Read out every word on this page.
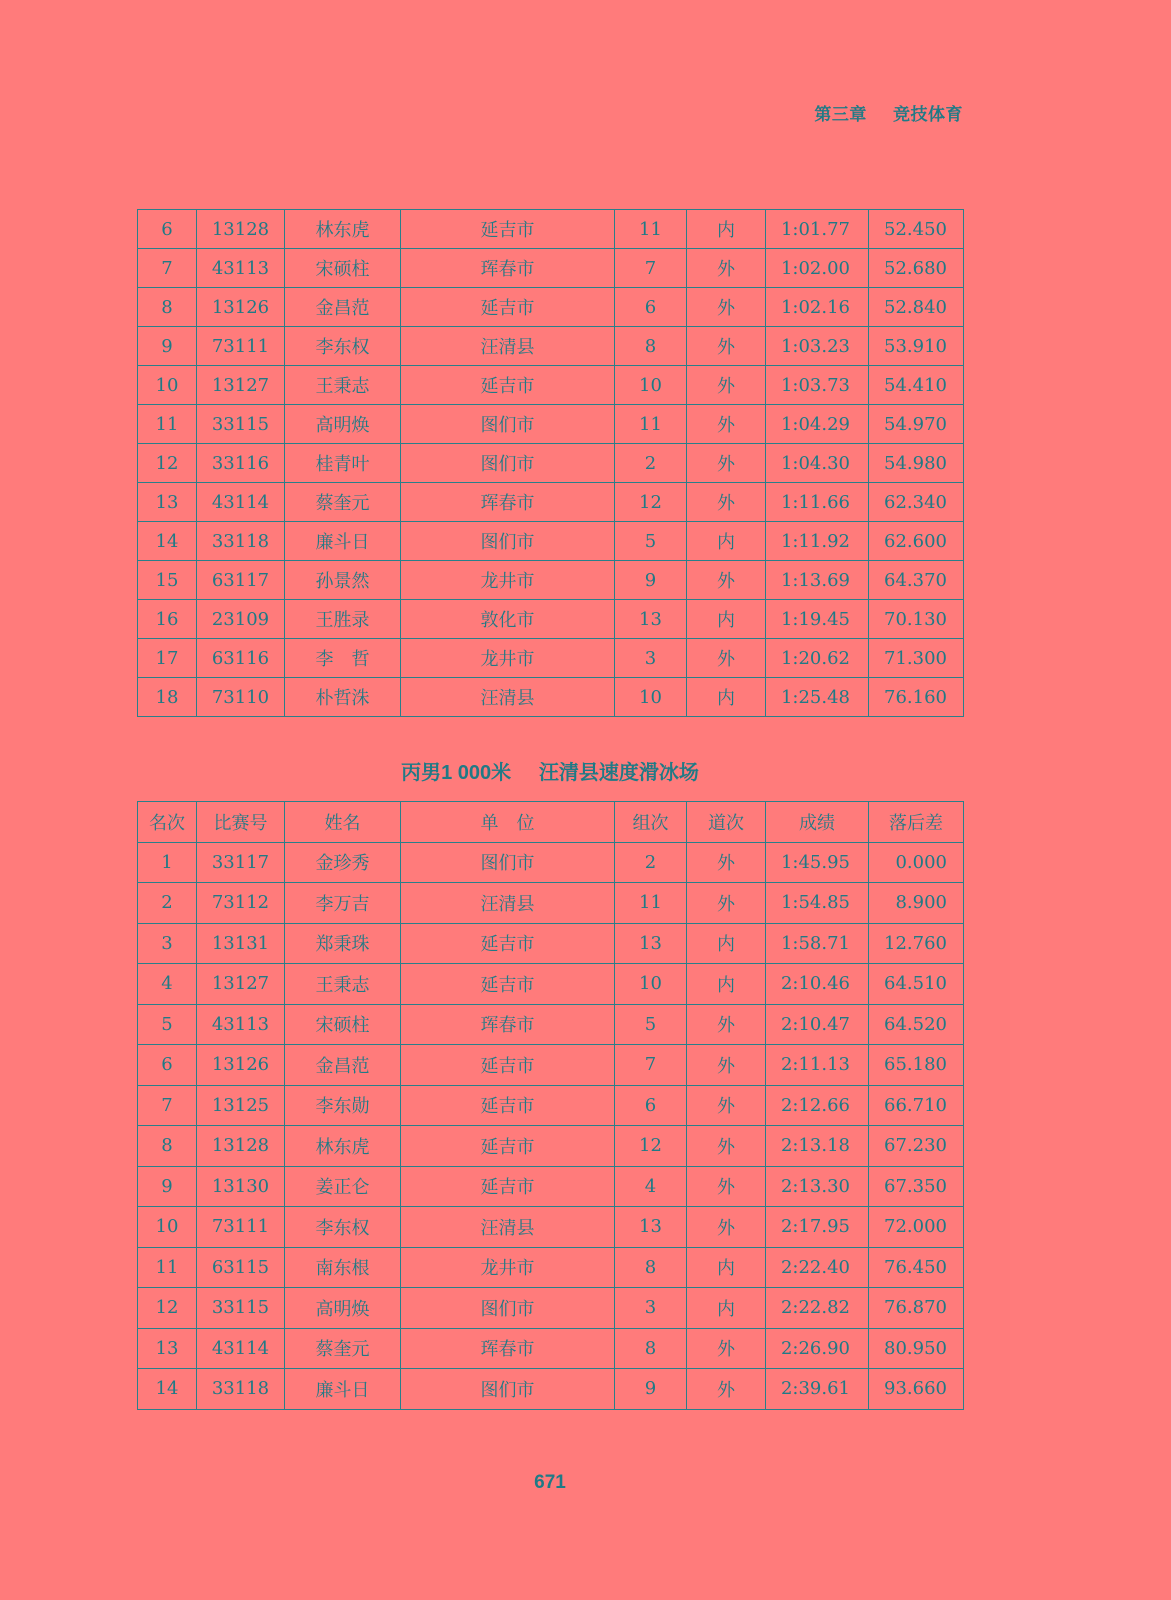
第三章     竞技体育
6	13128	林东虎	延吉市	11	内	1:01.77	52.450
7	43113	宋硕柱	珲春市	7	外	1:02.00	52.680
8	13126	金昌范	延吉市	6	外	1:02.16	52.840
9	73111	李东权	汪清县	8	外	1:03.23	53.910
10	13127	王秉志	延吉市	10	外	1:03.73	54.410
11	33115	高明焕	图们市	11	外	1:04.29	54.970
12	33116	桂青叶	图们市	2	外	1:04.30	54.980
13	43114	蔡奎元	珲春市	12	外	1:11.66	62.340
14	33118	廉斗日	图们市	5	内	1:11.92	62.600
15	63117	孙景然	龙井市	9	外	1:13.69	64.370
16	23109	王胜录	敦化市	13	内	1:19.45	70.130
17	63116	李　哲	龙井市	3	外	1:20.62	71.300
18	73110	朴哲洙	汪清县	10	内	1:25.48	76.160
丙男1 000米     汪清县速度滑冰场
名次	比赛号	姓名	单　位	组次	道次	成绩	落后差
1	33117	金珍秀	图们市	2	外	1:45.95	0.000
2	73112	李万吉	汪清县	11	外	1:54.85	8.900
3	13131	郑秉珠	延吉市	13	内	1:58.71	12.760
4	13127	王秉志	延吉市	10	内	2:10.46	64.510
5	43113	宋硕柱	珲春市	5	外	2:10.47	64.520
6	13126	金昌范	延吉市	7	外	2:11.13	65.180
7	13125	李东勋	延吉市	6	外	2:12.66	66.710
8	13128	林东虎	延吉市	12	外	2:13.18	67.230
9	13130	姜正仑	延吉市	4	外	2:13.30	67.350
10	73111	李东权	汪清县	13	外	2:17.95	72.000
11	63115	南东根	龙井市	8	内	2:22.40	76.450
12	33115	高明焕	图们市	3	内	2:22.82	76.870
13	43114	蔡奎元	珲春市	8	外	2:26.90	80.950
14	33118	廉斗日	图们市	9	外	2:39.61	93.660
671
